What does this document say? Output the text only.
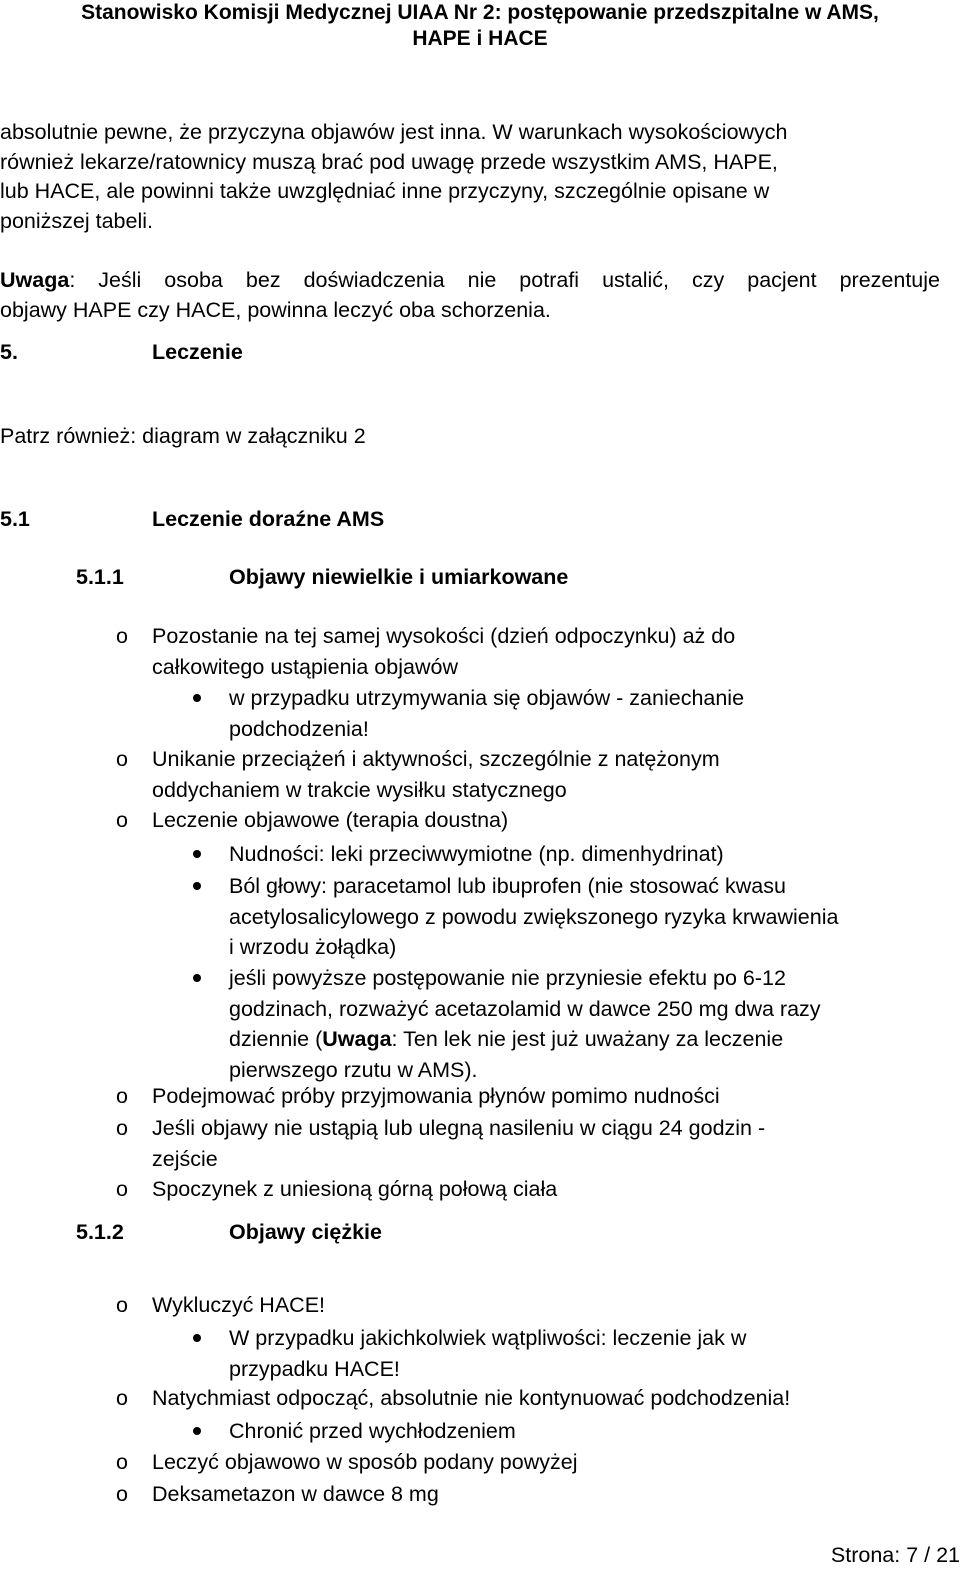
Stanowisko Komisji Medycznej UIAA Nr 2: postępowanie przedszpitalne w AMS,
HAPE i HACE
absolutnie pewne, że przyczyna objawów jest inna. W warunkach wysokościowych
również lekarze/ratownicy muszą brać pod uwagę przede wszystkim AMS, HAPE,
lub HACE, ale powinni także uwzględniać inne przyczyny, szczególnie opisane w
poniższej tabeli.
Uwaga: Jeśli osoba bez doświadczenia nie potrafi ustalić, czy pacjent prezentuje
objawy HAPE czy HACE, powinna leczyć oba schorzenia.
5.	Leczenie
Patrz również: diagram w załączniku 2
5.1	Leczenie doraźne AMS
5.1.1	Objawy niewielkie i umiarkowane
o Pozostanie na tej samej wysokości (dzień odpoczynku) aż do
całkowitego ustąpienia objawów
w przypadku utrzymywania się objawów - zaniechanie
podchodzenia!
o Unikanie przeciążeń i aktywności, szczególnie z natężonym
oddychaniem w trakcie wysiłku statycznego
o Leczenie objawowe (terapia doustna)
Nudności: leki przeciwwymiotne (np. dimenhydrinat)
Ból głowy: paracetamol lub ibuprofen (nie stosować kwasu
acetylosalicylowego z powodu zwiększonego ryzyka krwawienia
i wrzodu żołądka)
jeśli powyższe postępowanie nie przyniesie efektu po 6-12
godzinach, rozważyć acetazolamid w dawce 250 mg dwa razy
dziennie (Uwaga: Ten lek nie jest już uważany za leczenie
pierwszego rzutu w AMS).
o Podejmować próby przyjmowania płynów pomimo nudności
o Jeśli objawy nie ustąpią lub ulegną nasileniu w ciągu 24 godzin -
zejście
o Spoczynek z uniesioną górną połową ciała
5.1.2	Objawy ciężkie
o Wykluczyć HACE!
W przypadku jakichkolwiek wątpliwości: leczenie jak w
przypadku HACE!
o Natychmiast odpocząć, absolutnie nie kontynuować podchodzenia!
Chronić przed wychłodzeniem
o Leczyć objawowo w sposób podany powyżej
o Deksametazon w dawce 8 mg
Strona: 7 / 21
